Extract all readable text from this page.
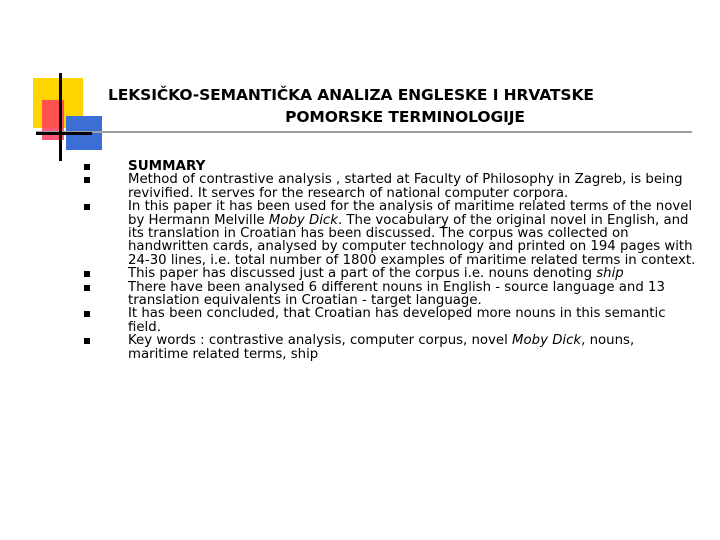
LEKSIČKO-SEMANTIČKA ANALIZA ENGLESKE I HRVATSKE
POMORSKE TERMINOLOGIJE
SUMMARY
Method of contrastive analysis , started at Faculty of Philosophy in Zagreb, is being revivified. It serves for the research of national computer corpora.
In this paper it has been used for the analysis of maritime related terms of the novel by Hermann Melville Moby Dick. The vocabulary of the original novel in English, and its translation in Croatian has been discussed. The corpus was collected on handwritten cards, analysed by computer technology and printed on 194 pages with 24-30 lines, i.e. total number of 1800 examples of maritime related terms in context.
This paper has discussed just a part of the corpus i.e. nouns denoting ship
There have been analysed 6 different nouns in English - source language and 13 translation equivalents in Croatian - target language.
It has been concluded, that Croatian has developed more nouns in this semantic field.
Key words : contrastive analysis, computer corpus, novel Moby Dick, nouns, maritime related terms, ship
